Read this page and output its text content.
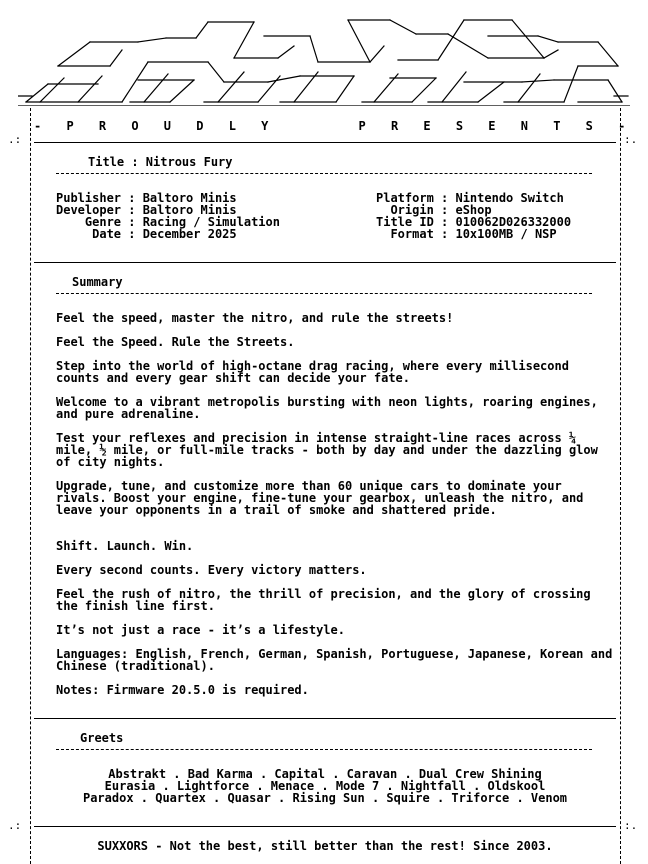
.:	:.
.:	:.
- P R O U D L Y     P R E S E N T S -
Title : Nitrous Fury
Publisher : Baltoro Minis
Developer : Baltoro Minis
Genre : Racing / Simulation
Date : December 2025
Platform : Nintendo Switch
Origin : eShop
Title ID : 010062D026332000
Format : 10x100MB / NSP
Summary
Feel the speed, master the nitro, and rule the streets!
Feel the Speed. Rule the Streets.
Step into the world of high-octane drag racing, where every millisecond counts and every gear shift can decide your fate.
Welcome to a vibrant metropolis bursting with neon lights, roaring engines, and pure adrenaline.
Test your reflexes and precision in intense straight-line races across ¼ mile, ½ mile, or full-mile tracks - both by day and under the dazzling glow of city nights.
Upgrade, tune, and customize more than 60 unique cars to dominate your rivals. Boost your engine, fine-tune your gearbox, unleash the nitro, and leave your opponents in a trail of smoke and shattered pride.
Shift. Launch. Win.
Every second counts. Every victory matters.
Feel the rush of nitro, the thrill of precision, and the glory of crossing the finish line first.
It’s not just a race - it’s a lifestyle.
Languages: English, French, German, Spanish, Portuguese, Japanese, Korean and Chinese (traditional).
Notes: Firmware 20.5.0 is required.
Greets
Abstrakt . Bad Karma . Capital . Caravan . Dual Crew Shining
Eurasia . Lightforce . Menace . Mode 7 . Nightfall . Oldskool
Paradox . Quartex . Quasar . Rising Sun . Squire . Triforce . Venom
SUXXORS - Not the best, still better than the rest! Since 2003.
